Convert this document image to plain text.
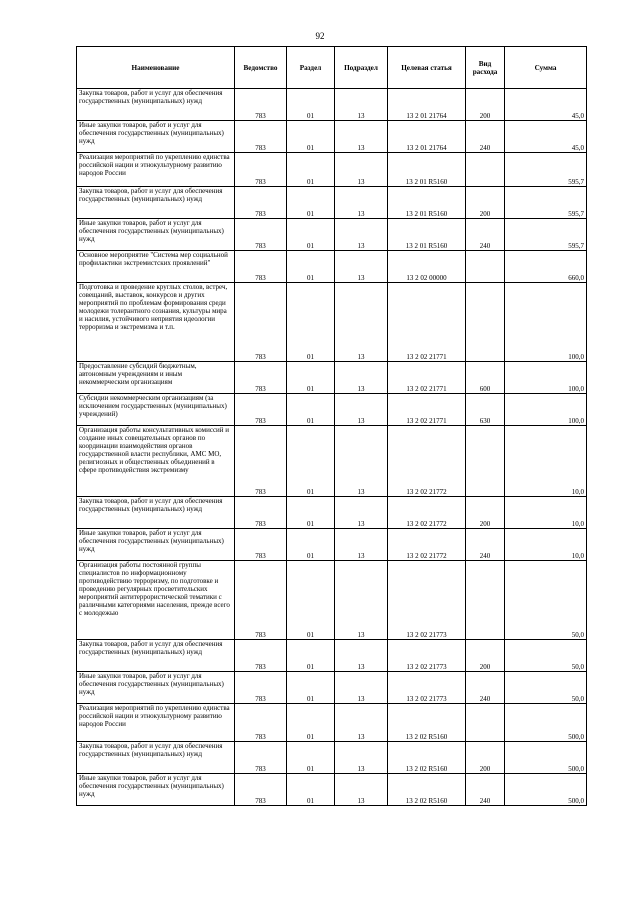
92
Наименование	Ведомство	Раздел	Подраздел	Целевая статья	Вид расхода	Сумма
Закупка товаров, работ и услуг для обеспечения государственных (муниципальных) нужд	783	01	13	13 2 01 21764	200	45,0
Иные закупки товаров, работ и услуг для обеспечения государственных (муниципальных) нужд	783	01	13	13 2 01 21764	240	45,0
Реализация мероприятий по укреплению единства российской нации и этнокультурному развитию народов России	783	01	13	13 2 01 R5160		595,7
Закупка товаров, работ и услуг для обеспечения государственных (муниципальных) нужд	783	01	13	13 2 01 R5160	200	595,7
Иные закупки товаров, работ и услуг для обеспечения государственных (муниципальных) нужд	783	01	13	13 2 01 R5160	240	595,7
Основное мероприятие "Система мер социальной профилактики экстремистских проявлений"	783	01	13	13 2 02 00000		660,0
Подготовка и проведение круглых столов, встреч, совещаний, выставок, конкурсов и других мероприятий по проблемам формирования среди молодежи толерантного сознания, культуры мира и насилия, устойчивого неприятия идеологии терроризма и экстремизма и т.п.	783	01	13	13 2 02 21771		100,0
Предоставление субсидий бюджетным, автономным учреждениям и иным некоммерческим организациям	783	01	13	13 2 02 21771	600	100,0
Субсидии некоммерческим организациям (за исключением государственных (муниципальных) учреждений)	783	01	13	13 2 02 21771	630	100,0
Организация работы консультативных комиссий и создание иных совещательных органов по координации взаимодействия органов государственной власти республики, АМС МО, религиозных и общественных объединений в сфере противодействия экстремизму	783	01	13	13 2 02 21772		10,0
Закупка товаров, работ и услуг для обеспечения государственных (муниципальных) нужд	783	01	13	13 2 02 21772	200	10,0
Иные закупки товаров, работ и услуг для обеспечения государственных (муниципальных) нужд	783	01	13	13 2 02 21772	240	10,0
Организация работы постоянной группы специалистов по информационному противодействию терроризму, по подготовке и проведению регулярных просветительских мероприятий антитеррористической тематики с различными категориями населения, прежде всего с молодежью	783	01	13	13 2 02 21773		50,0
Закупка товаров, работ и услуг для обеспечения государственных (муниципальных) нужд	783	01	13	13 2 02 21773	200	50,0
Иные закупки товаров, работ и услуг для обеспечения государственных (муниципальных) нужд	783	01	13	13 2 02 21773	240	50,0
Реализация мероприятий по укреплению единства российской нации и этнокультурному развитию народов России	783	01	13	13 2 02 R5160		500,0
Закупка товаров, работ и услуг для обеспечения государственных (муниципальных) нужд	783	01	13	13 2 02 R5160	200	500,0
Иные закупки товаров, работ и услуг для обеспечения государственных (муниципальных) нужд	783	01	13	13 2 02 R5160	240	500,0
